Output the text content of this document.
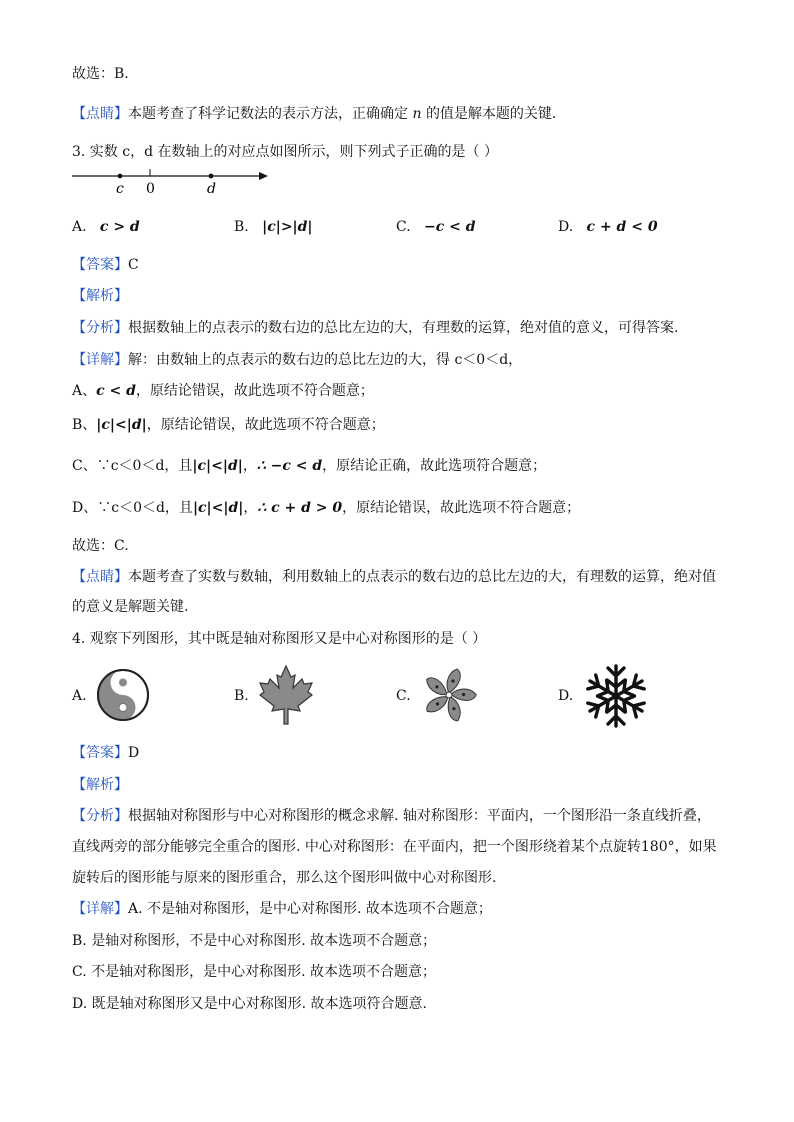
故选：B.
【点睛】本题考查了科学记数法的表示方法，正确确定 n 的值是解本题的关键.
3. 实数 c，d 在数轴上的对应点如图所示，则下列式子正确的是（ ）
c 0	d
A. c > d	B. |c|>|d|	C. −c < d	D. c + d < 0
【答案】C
【解析】
【分析】根据数轴上的点表示的数右边的总比左边的大，有理数的运算，绝对值的意义，可得答案.
【详解】解：由数轴上的点表示的数右边的总比左边的大，得 c＜0＜d，
A、c < d，原结论错误，故此选项不符合题意；
B、|c|<|d|，原结论错误，故此选项不符合题意；
C、∵c＜0＜d，且|c|<|d|，∴ −c < d，原结论正确，故此选项符合题意；
D、∵c＜0＜d，且|c|<|d|，∴ c + d > 0，原结论错误，故此选项不符合题意；
故选：C.
【点睛】本题考查了实数与数轴，利用数轴上的点表示的数右边的总比左边的大，有理数的运算，绝对值
的意义是解题关键.
4. 观察下列图形，其中既是轴对称图形又是中心对称图形的是（ ）
A.	B.	C.	D.
【答案】D
【解析】
【分析】根据轴对称图形与中心对称图形的概念求解. 轴对称图形：平面内，一个图形沿一条直线折叠，
直线两旁的部分能够完全重合的图形. 中心对称图形：在平面内，把一个图形绕着某个点旋转180°，如果
旋转后的图形能与原来的图形重合，那么这个图形叫做中心对称图形.
【详解】A. 不是轴对称图形，是中心对称图形. 故本选项不合题意；
B. 是轴对称图形，不是中心对称图形. 故本选项不合题意；
C. 不是轴对称图形，是中心对称图形. 故本选项不合题意；
D. 既是轴对称图形又是中心对称图形. 故本选项符合题意.
